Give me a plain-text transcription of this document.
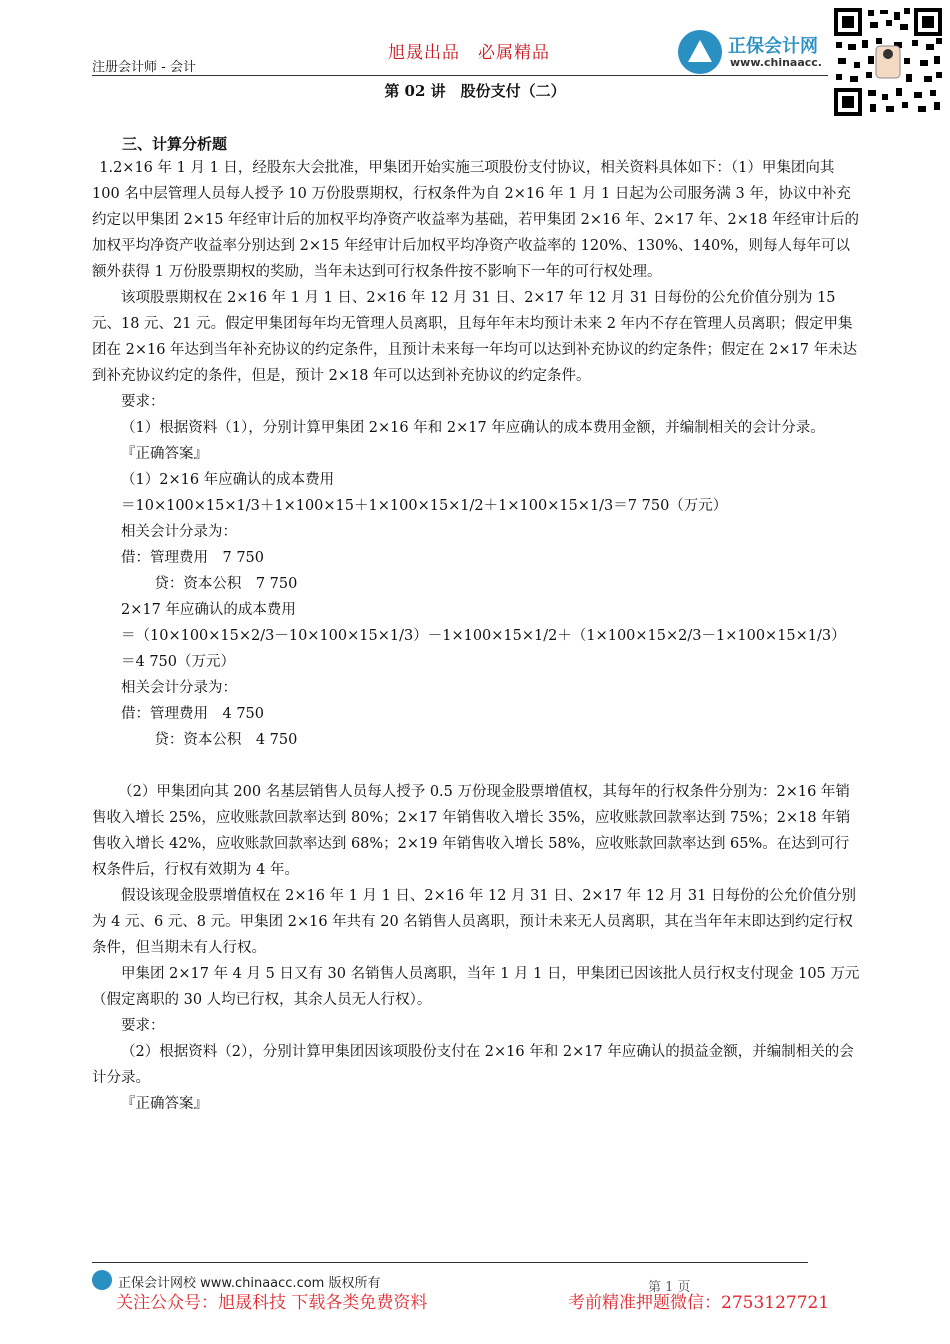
注册会计师 - 会计
旭晟出品　必属精品	正保会计网
www.chinaacc.
第 02 讲　股份支付（二）
三、计算分析题

1.2×16 年 1 月 1 日，经股东大会批准，甲集团开始实施三项股份支付协议，相关资料具体如下：（1）甲集团向其 100 名中层管理人员每人授予 10 万份股票期权，行权条件为自 2×16 年 1 月 1 日起为公司服务满 3 年，协议中补充约定以甲集团 2×15 年经审计后的加权平均净资产收益率为基础，若甲集团 2×16 年、2×17 年、2×18 年经审计后的加权平均净资产收益率分别达到 2×15 年经审计后加权平均净资产收益率的 120%、130%、140%，则每人每年可以额外获得 1 万份股票期权的奖励，当年未达到可行权条件按不影响下一年的可行权处理。

该项股票期权在 2×16 年 1 月 1 日、2×16 年 12 月 31 日、2×17 年 12 月 31 日每份的公允价值分别为 15 元、18 元、21 元。假定甲集团每年均无管理人员离职，且每年年末均预计未来 2 年内不存在管理人员离职；假定甲集团在 2×16 年达到当年补充协议的约定条件，且预计未来每一年均可以达到补充协议的约定条件；假定在 2×17 年未达到补充协议约定的条件，但是，预计 2×18 年可以达到补充协议的约定条件。

要求：

（1）根据资料（1），分别计算甲集团 2×16 年和 2×17 年应确认的成本费用金额，并编制相关的会计分录。

『正确答案』

（1）2×16 年应确认的成本费用

＝10×100×15×1/3＋1×100×15＋1×100×15×1/2＋1×100×15×1/3＝7 750（万元）

相关会计分录为：

借：管理费用　7 750

贷：资本公积　7 750

2×17 年应确认的成本费用

＝（10×100×15×2/3－10×100×15×1/3）－1×100×15×1/2＋（1×100×15×2/3－1×100×15×1/3）

＝4 750（万元）

相关会计分录为：

借：管理费用　4 750

贷：资本公积　4 750

（2）甲集团向其 200 名基层销售人员每人授予 0.5 万份现金股票增值权，其每年的行权条件分别为：2×16 年销售收入增长 25%，应收账款回款率达到 80%；2×17 年销售收入增长 35%，应收账款回款率达到 75%；2×18 年销售收入增长 42%，应收账款回款率达到 68%；2×19 年销售收入增长 58%，应收账款回款率达到 65%。在达到可行权条件后，行权有效期为 4 年。

假设该现金股票增值权在 2×16 年 1 月 1 日、2×16 年 12 月 31 日、2×17 年 12 月 31 日每份的公允价值分别为 4 元、6 元、8 元。甲集团 2×16 年共有 20 名销售人员离职，预计未来无人员离职，其在当年年末即达到约定行权条件，但当期未有人行权。

甲集团 2×17 年 4 月 5 日又有 30 名销售人员离职，当年 1 月 1 日，甲集团已因该批人员行权支付现金 105 万元（假定离职的 30 人均已行权，其余人员无人行权）。

要求：

（2）根据资料（2），分别计算甲集团因该项股份支付在 2×16 年和 2×17 年应确认的损益金额，并编制相关的会计分录。

『正确答案』

正保会计网校 www.chinaacc.com 版权所有	第 1 页
关注公众号：旭晟科技 下载各类免费资料	考前精准押题微信：2753127721
